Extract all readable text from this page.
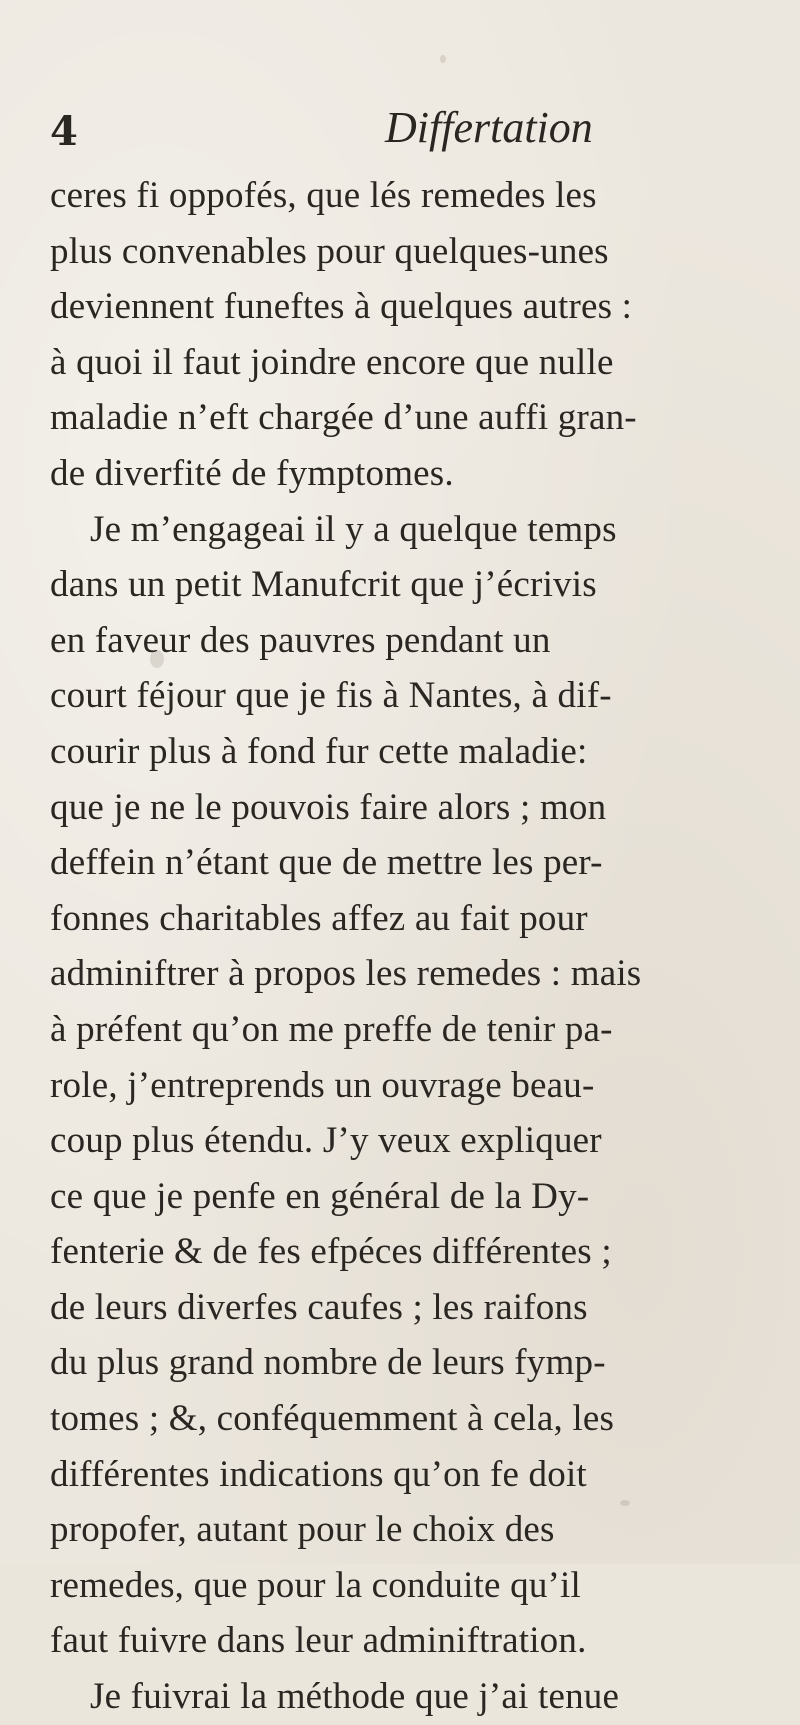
4	Differtation
ceres fi oppofés, que lés remedes les
plus convenables pour quelques-unes
deviennent funeftes à quelques autres :
à quoi il faut joindre encore que nulle
maladie n’eft chargée d’une auffi gran-
de diverfité de fymptomes.
Je m’engageai il y a quelque temps
dans un petit Manufcrit que j’écrivis
en faveur des pauvres pendant un
court féjour que je fis à Nantes, à dif-
courir plus à fond fur cette maladie:
que je ne le pouvois faire alors ; mon
deffein n’étant que de mettre les per-
fonnes charitables affez au fait pour
adminiftrer à propos les remedes : mais
à préfent qu’on me preffe de tenir pa-
role, j’entreprends un ouvrage beau-
coup plus étendu. J’y veux expliquer
ce que je penfe en général de la Dy-
fenterie & de fes efpéces différentes ;
de leurs diverfes caufes ; les raifons
du plus grand nombre de leurs fymp-
tomes ; &, conféquemment à cela, les
différentes indications qu’on fe doit
propofer, autant pour le choix des
remedes, que pour la conduite qu’il
faut fuivre dans leur adminiftration.
Je fuivrai la méthode que j’ai tenue
